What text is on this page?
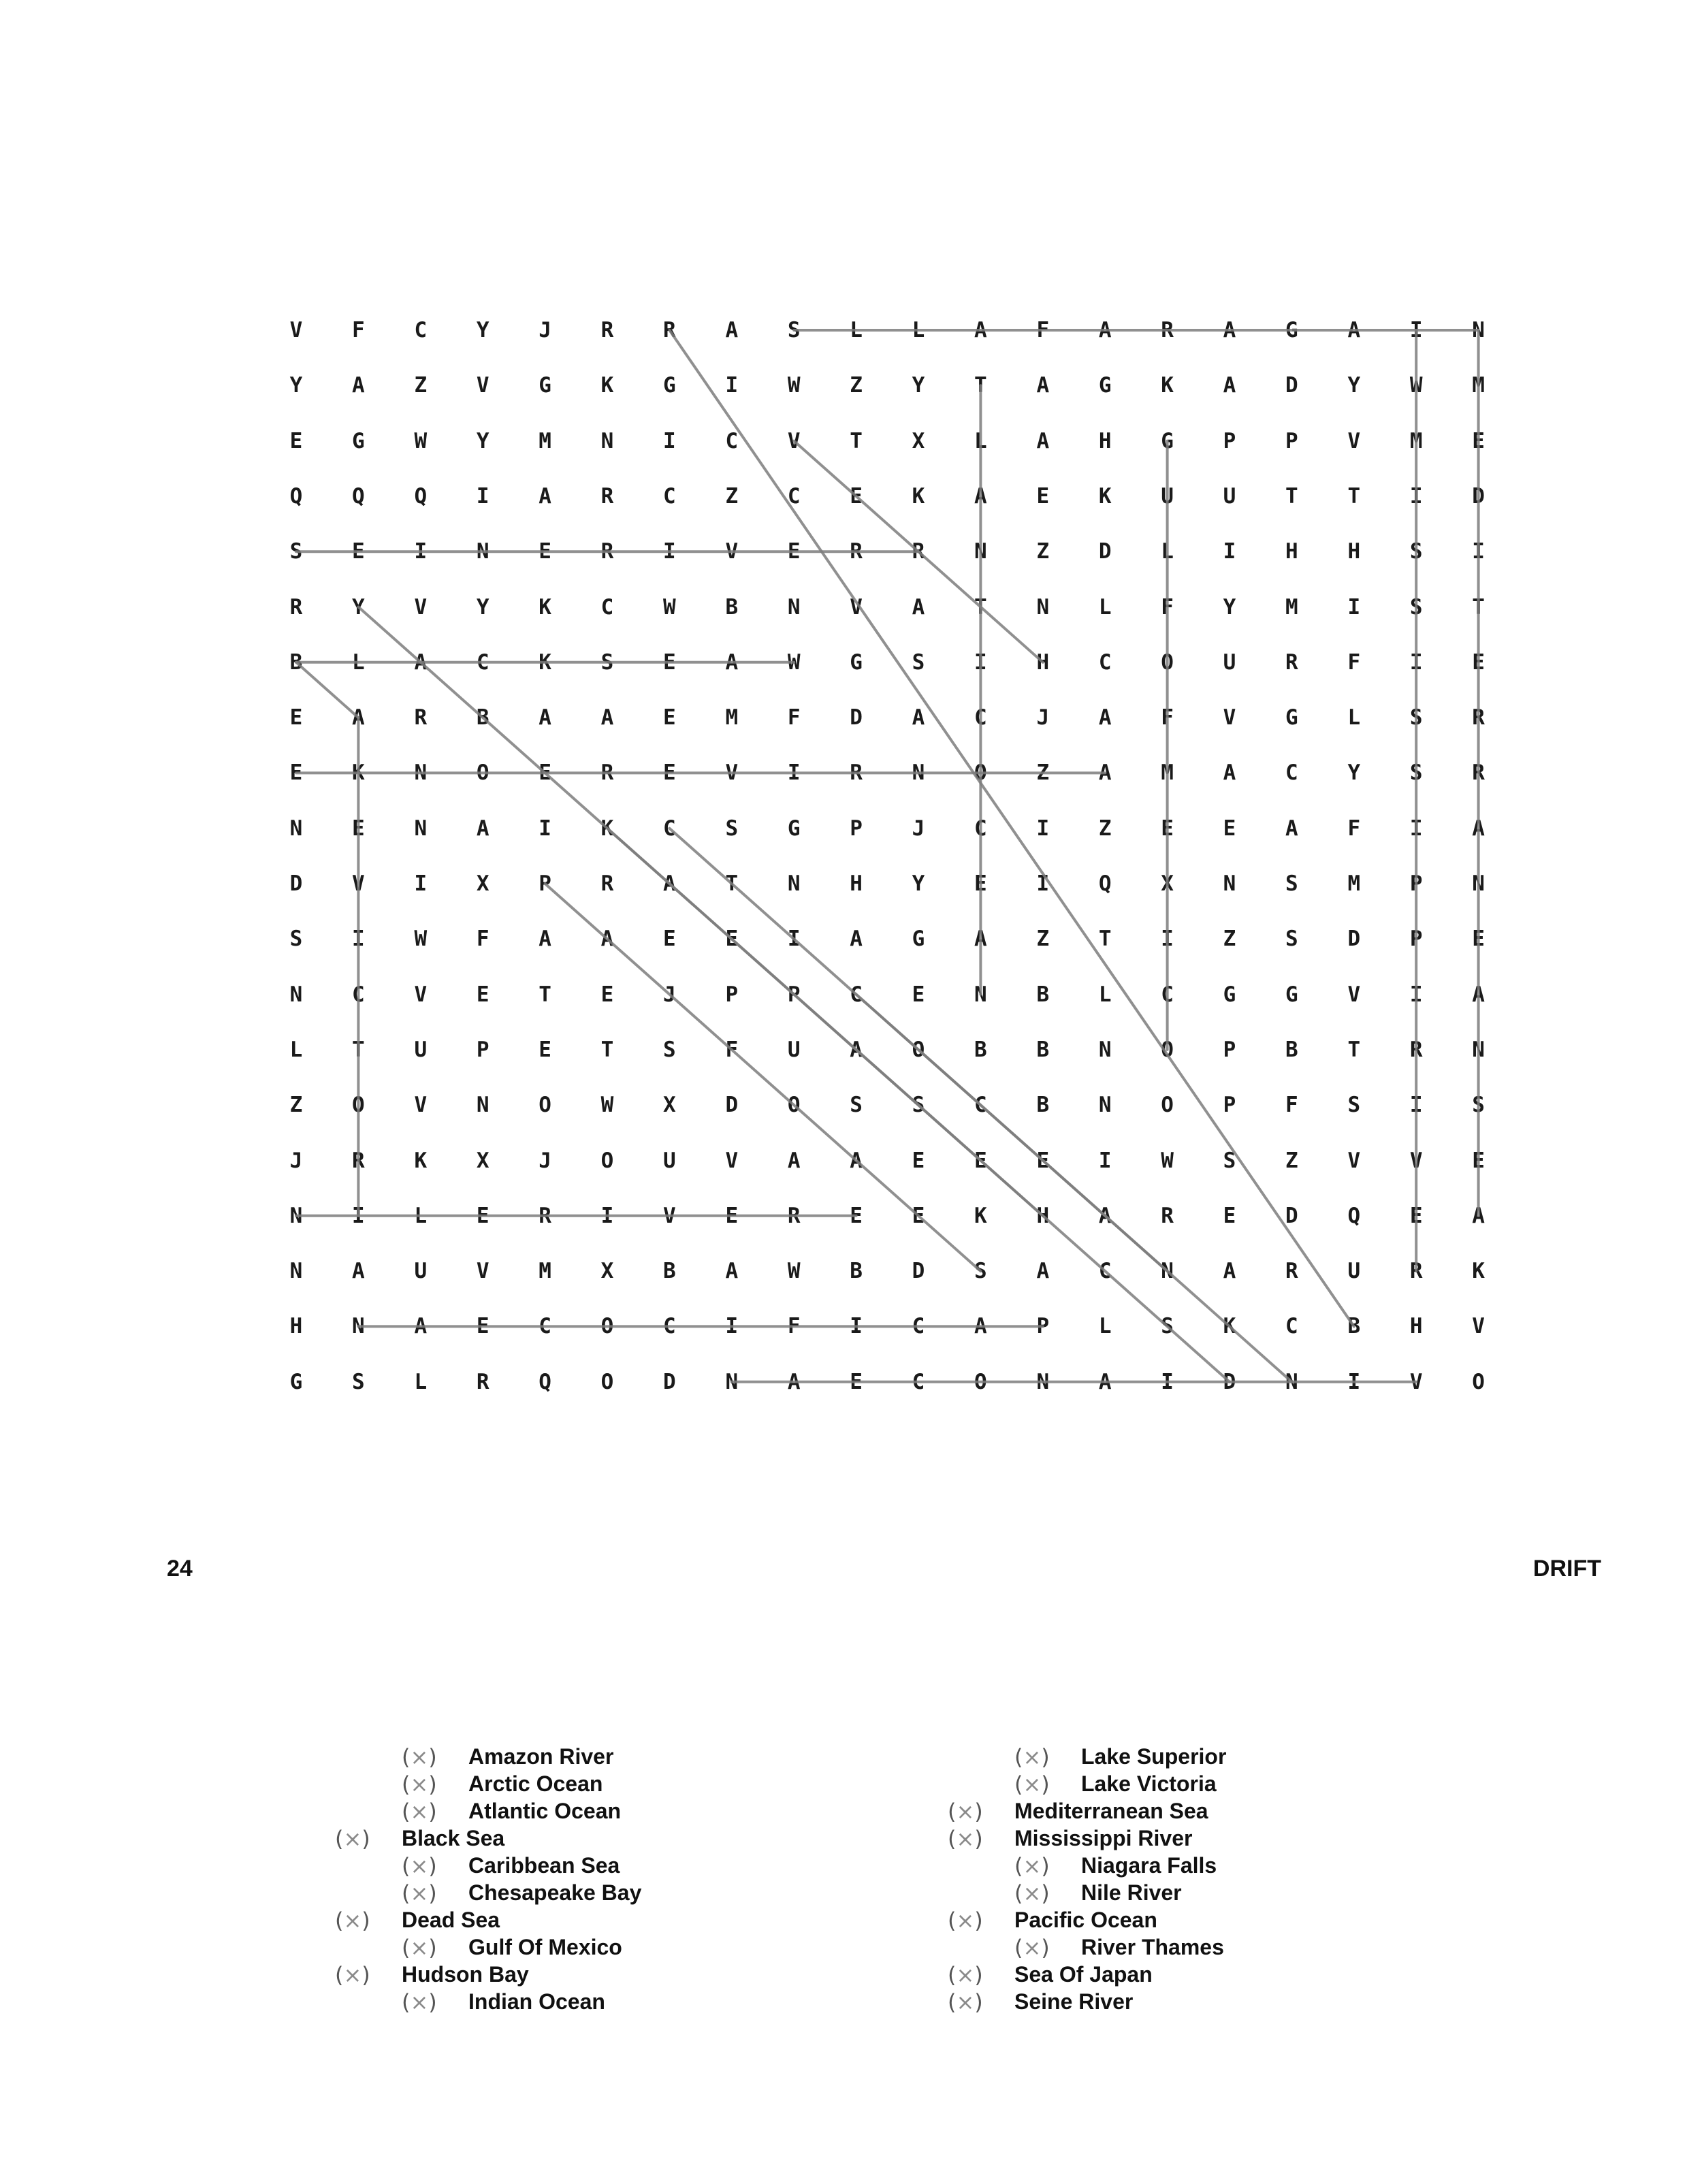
V	F	C	Y	J	R	R	A	S	L	L	A	F	A	R	A	G	A	I	N
Y	A	Z	V	G	K	G	I	W	Z	Y	T	A	G	K	A	D	Y	W	M
E	G	W	Y	M	N	I	C	V	T	X	L	A	H	G	P	P	V	M	E
Q	Q	Q	I	A	R	C	Z	C	E	K	A	E	K	U	U	T	T	I	D
S	E	I	N	E	R	I	V	E	R	R	N	Z	D	L	I	H	H	S	I
R	Y	V	Y	K	C	W	B	N	V	A	T	N	L	F	Y	M	I	S	T
B	L	A	C	K	S	E	A	W	G	S	I	H	C	O	U	R	F	I	E
E	A	R	B	A	A	E	M	F	D	A	C	J	A	F	V	G	L	S	R
E	K	N	O	E	R	E	V	I	R	N	O	Z	A	M	A	C	Y	S	R
N	E	N	A	I	K	C	S	G	P	J	C	I	Z	E	E	A	F	I	A
D	V	I	X	P	R	A	T	N	H	Y	E	I	Q	X	N	S	M	P	N
S	I	W	F	A	A	E	E	I	A	G	A	Z	T	I	Z	S	D	P	E
N	C	V	E	T	E	J	P	P	C	E	N	B	L	C	G	G	V	I	A
L	T	U	P	E	T	S	F	U	A	O	B	B	N	O	P	B	T	R	N
Z	O	V	N	O	W	X	D	O	S	S	C	B	N	O	P	F	S	I	S
J	R	K	X	J	O	U	V	A	A	E	E	E	I	W	S	Z	V	V	E
N	I	L	E	R	I	V	E	R	E	E	K	H	A	R	E	D	Q	E	A
N	A	U	V	M	X	B	A	W	B	D	S	A	C	N	A	R	U	R	K
H	N	A	E	C	O	C	I	F	I	C	A	P	L	S	K	C	B	H	V
G	S	L	R	Q	O	D	N	A	E	C	O	N	A	I	D	N	I	V	O
24	DRIFT
(×) Amazon River
(×) Arctic Ocean
(×) Atlantic Ocean
(×) Black Sea
(×) Caribbean Sea
(×) Chesapeake Bay
(×) Dead Sea
(×) Gulf Of Mexico
(×) Hudson Bay
(×) Indian Ocean
(×) Lake Superior
(×) Lake Victoria
(×) Mediterranean Sea
(×) Mississippi River
(×) Niagara Falls
(×) Nile River
(×) Pacific Ocean
(×) River Thames
(×) Sea Of Japan
(×) Seine River
